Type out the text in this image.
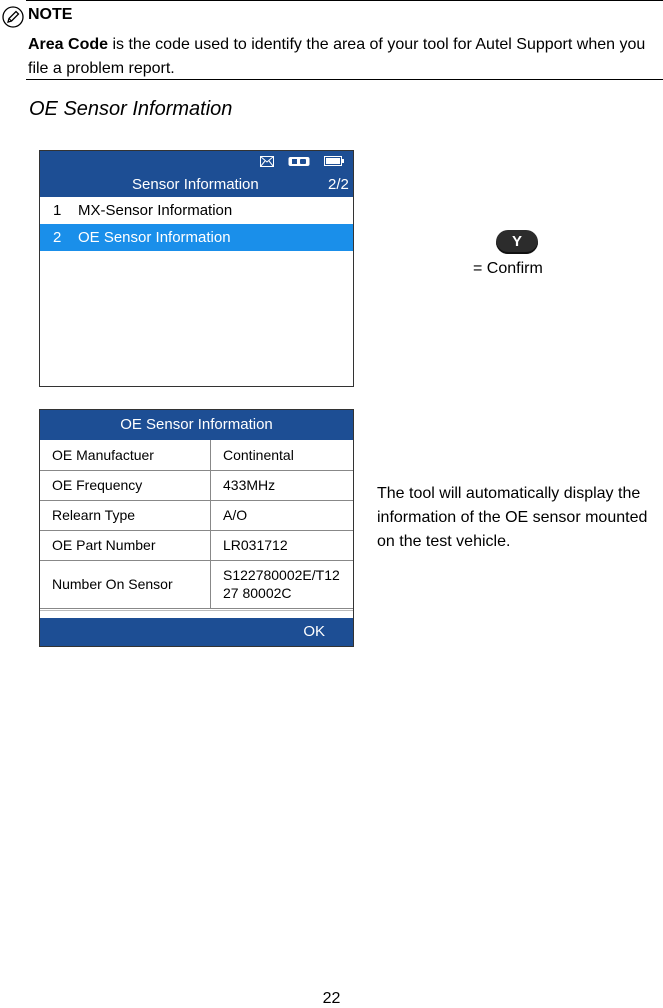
NOTE
Area Code is the code used to identify the area of your tool for Autel Support when you file a problem report.
OE Sensor Information
Sensor Information	2/2
1	MX-Sensor Information
2	OE Sensor Information	Y
= Confirm
OE Sensor Information
OE Manufactuer	Continental
OE Frequency	433MHz
Relearn Type	A/O
OE Part Number	LR031712
Number On Sensor	S122780002E/T1227 80002C
OK
The tool will automatically display the information of the OE sensor mounted on the test vehicle.
22
